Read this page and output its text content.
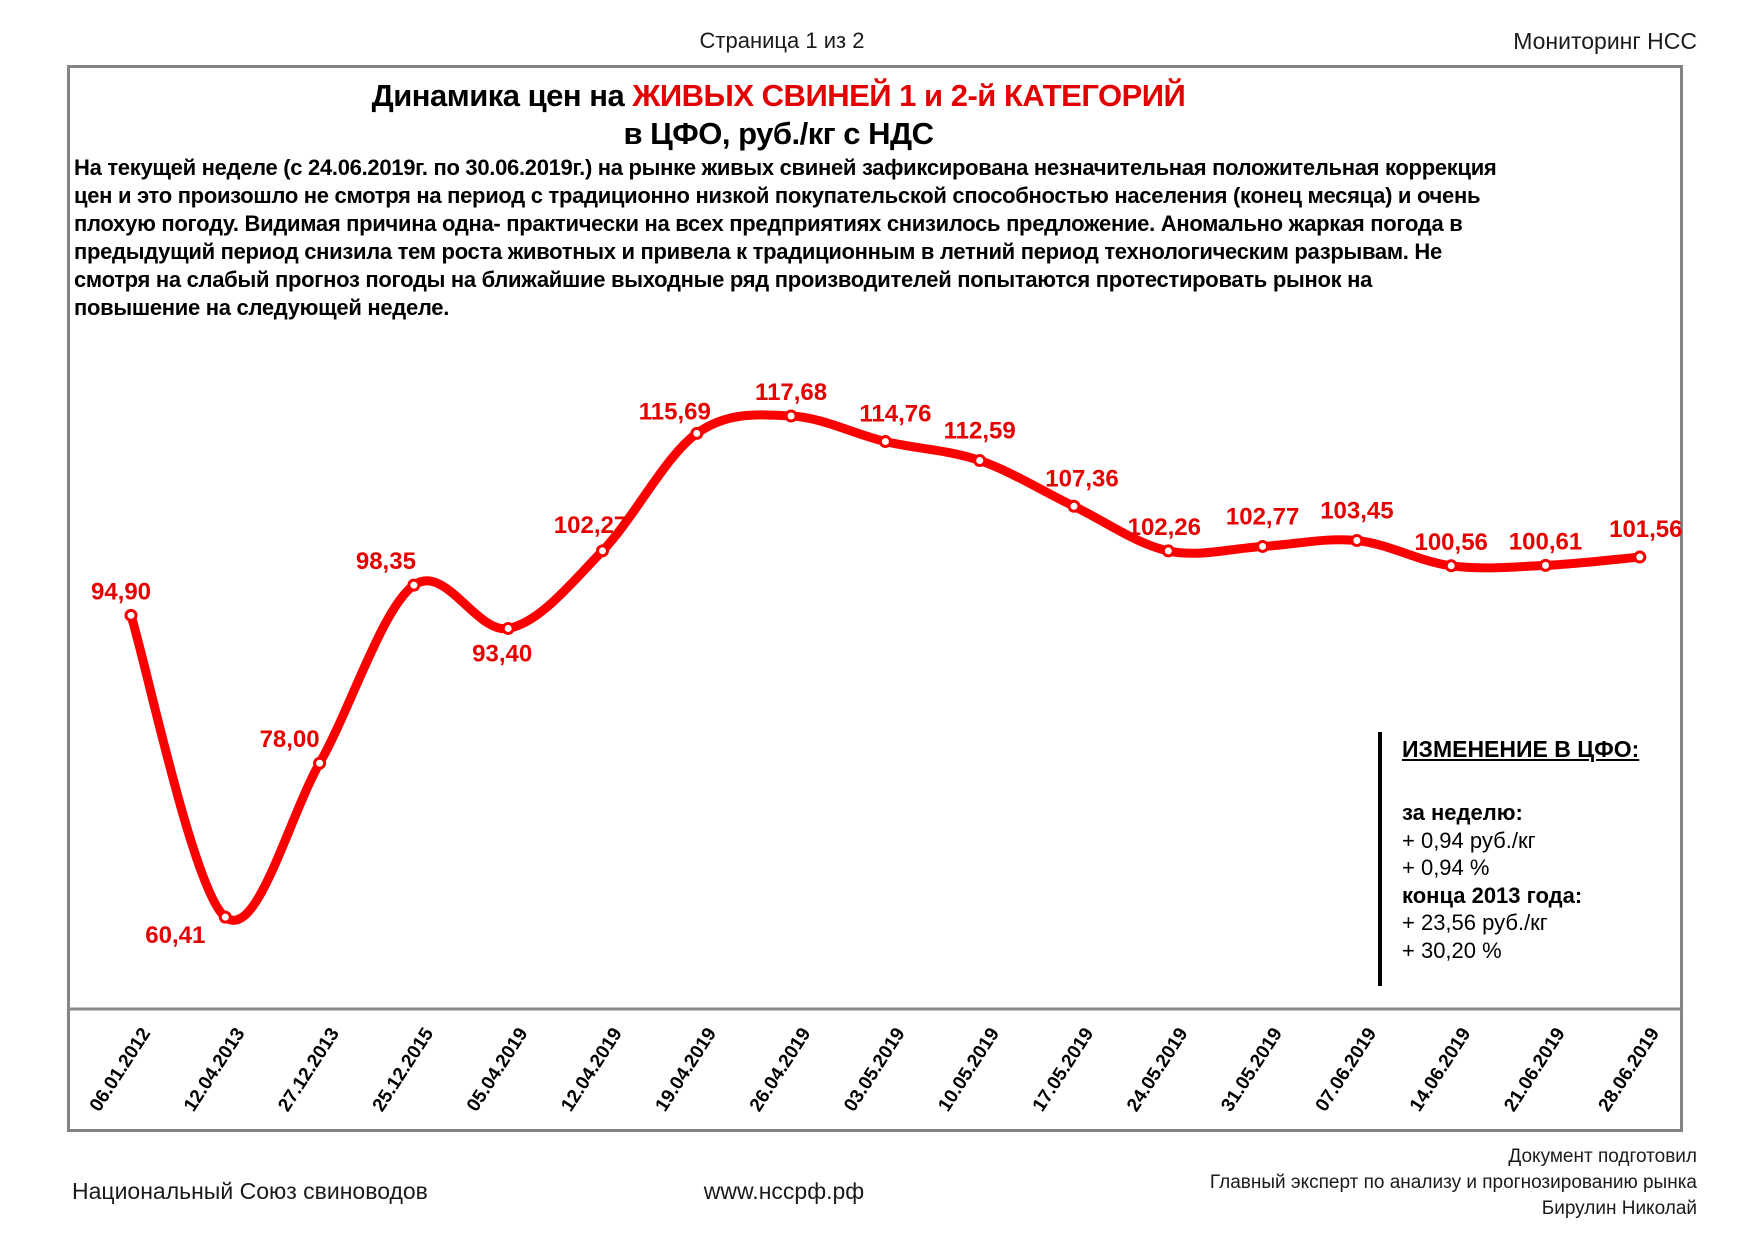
Страница 1 из 2	Мониторинг НСС
Динамика цен на ЖИВЫХ СВИНЕЙ 1 и 2-й КАТЕГОРИЙ
в ЦФО, руб./кг с НДС
На текущей неделе (с 24.06.2019г. по 30.06.2019г.) на рынке живых свиней зафиксирована незначительная положительная коррекция цен и это произошло не смотря на период с традиционно низкой покупательской способностью населения (конец месяца) и очень плохую погоду. Видимая причина одна- практически на всех предприятиях снизилось предложение. Аномально жаркая погода в предыдущий период снизила тем роста животных и привела к традиционным в летний период технологическим разрывам. Не смотря на слабый прогноз погоды на ближайшие выходные ряд производителей попытаются протестировать рынок на повышение на следующей неделе.
94,90
60,41
78,00
98,35
93,40
102,27
115,69
117,68
114,76
112,59
107,36
102,26 102,77 103,45
100,56 100,61 101,56
06.01.2012 12.04.2013 27.12.2013 25.12.2015 05.04.2019 12.04.2019 19.04.2019 26.04.2019 03.05.2019 10.05.2019 17.05.2019 24.05.2019 31.05.2019 07.06.2019 14.06.2019 21.06.2019 28.06.2019
ИЗМЕНЕНИЕ В ЦФО:
за неделю:
+ 0,94 руб./кг
+ 0,94 %
конца 2013 года:
+ 23,56 руб./кг
+ 30,20 %
Национальный Союз свиноводов	www.нссрф.рф
Документ подготовил
Главный эксперт по анализу и прогнозированию рынка
Бирулин Николай
